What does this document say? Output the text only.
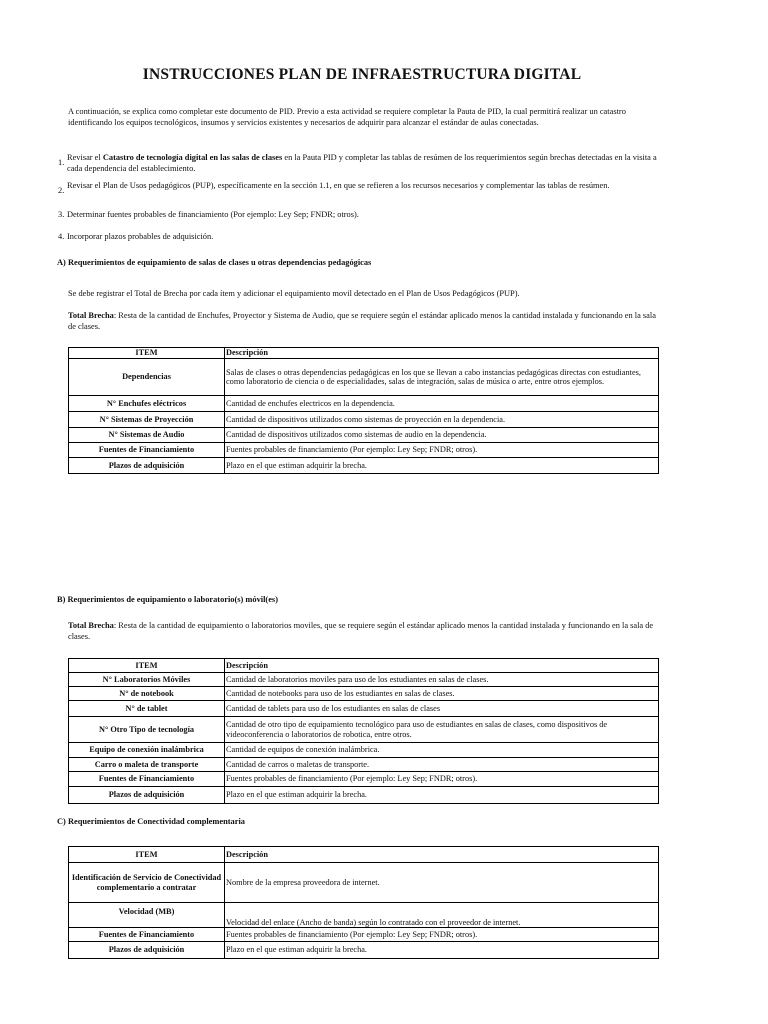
INSTRUCCIONES PLAN DE INFRAESTRUCTURA DIGITAL
A continuación, se explica como completar este documento de PID. Previo a esta actividad se requiere completar la Pauta de PID, la cual permitirá realizar un catastro identificando los equipos tecnológicos, insumos y servicios existentes y necesarios de adquirir para alcanzar el estándar de aulas conectadas.
1.
Revisar el Catastro de tecnología digital en las salas de clases en la Pauta PID y completar las tablas de resúmen de los requerimientos según brechas detectadas en la visita a cada dependencia del establecimiento.
2.
Revisar el Plan de Usos pedagógicos (PUP), específicamente en la sección 1.1, en que se refieren a los recursos necesarios y complementar las tablas de resúmen.
3. Determinar fuentes probables de financiamiento (Por ejemplo: Ley Sep; FNDR; otros).
4. Incorporar plazos probables de adquisición.
A) Requerimientos de equipamiento de salas de clases u otras dependencias pedagógicas
Se debe registrar el Total de Brecha por cada ítem y adicionar el equipamiento movil detectado en el Plan de Usos Pedagógicos (PUP).
Total Brecha: Resta de la cantidad de Enchufes, Proyector y Sistema de Audio, que se requiere según el estándar aplicado menos la cantidad instalada y funcionando en la sala de clases.
ITEM	Descripción
Dependencias	Salas de clases o otras dependencias pedagógicas en los que se llevan a cabo instancias pedagógicas directas con estudiantes, como laboratorio de ciencia o de especialidades, salas de integración, salas de música o arte, entre otros ejemplos.
N° Enchufes eléctricos	Cantidad de enchufes electricos en la dependencia.
N° Sistemas de Proyección	Cantidad de dispositivos utilizados como sistemas de proyección en la dependencia.
N° Sistemas de Audio	Cantidad de dispositivos utilizados como sistemas de audio en la dependencia.
Fuentes de Financiamiento	Fuentes probables de financiamiento (Por ejemplo: Ley Sep; FNDR; otros).
Plazos de adquisición	Plazo en el que estiman adquirir la brecha.
B) Requerimientos de equipamiento o laboratorio(s) móvil(es)
Total Brecha: Resta de la cantidad de equipamiento o laboratorios moviles, que se requiere según el estándar aplicado menos la cantidad instalada y funcionando en la sala de clases.
ITEM	Descripción
N° Laboratorios Móviles	Cantidad de laboratorios moviles para uso de los estudiantes en salas de clases.
N° de notebook	Cantidad de notebooks para uso de los estudiantes en salas de clases.
N° de tablet	Cantidad de tablets para uso de los estudiantes en salas de clases
N° Otro Tipo de tecnología	Cantidad de otro tipo de equipamiento tecnológico para uso de estudiantes en salas de clases, como dispositivos de videoconferencia o laboratorios de robotica, entre otros.
Equipo de conexión inalámbrica	Cantidad de equipos de conexión inalámbrica.
Carro o maleta de transporte	Cantidad de carros o maletas de transporte.
Fuentes de Financiamiento	Fuentes probables de financiamiento (Por ejemplo: Ley Sep; FNDR; otros).
Plazos de adquisición	Plazo en el que estiman adquirir la brecha.
C) Requerimientos de Conectividad complementaria
ITEM	Descripción
Identificación de Servicio de Conectividad complementario a contratar	Nombre de la empresa proveedora de internet.
Velocidad (MB)	Velocidad del enlace (Ancho de banda) según lo contratado con el proveedor de internet.
Fuentes de Financiamiento	Fuentes probables de financiamiento (Por ejemplo: Ley Sep; FNDR; otros).
Plazos de adquisición	Plazo en el que estiman adquirir la brecha.
